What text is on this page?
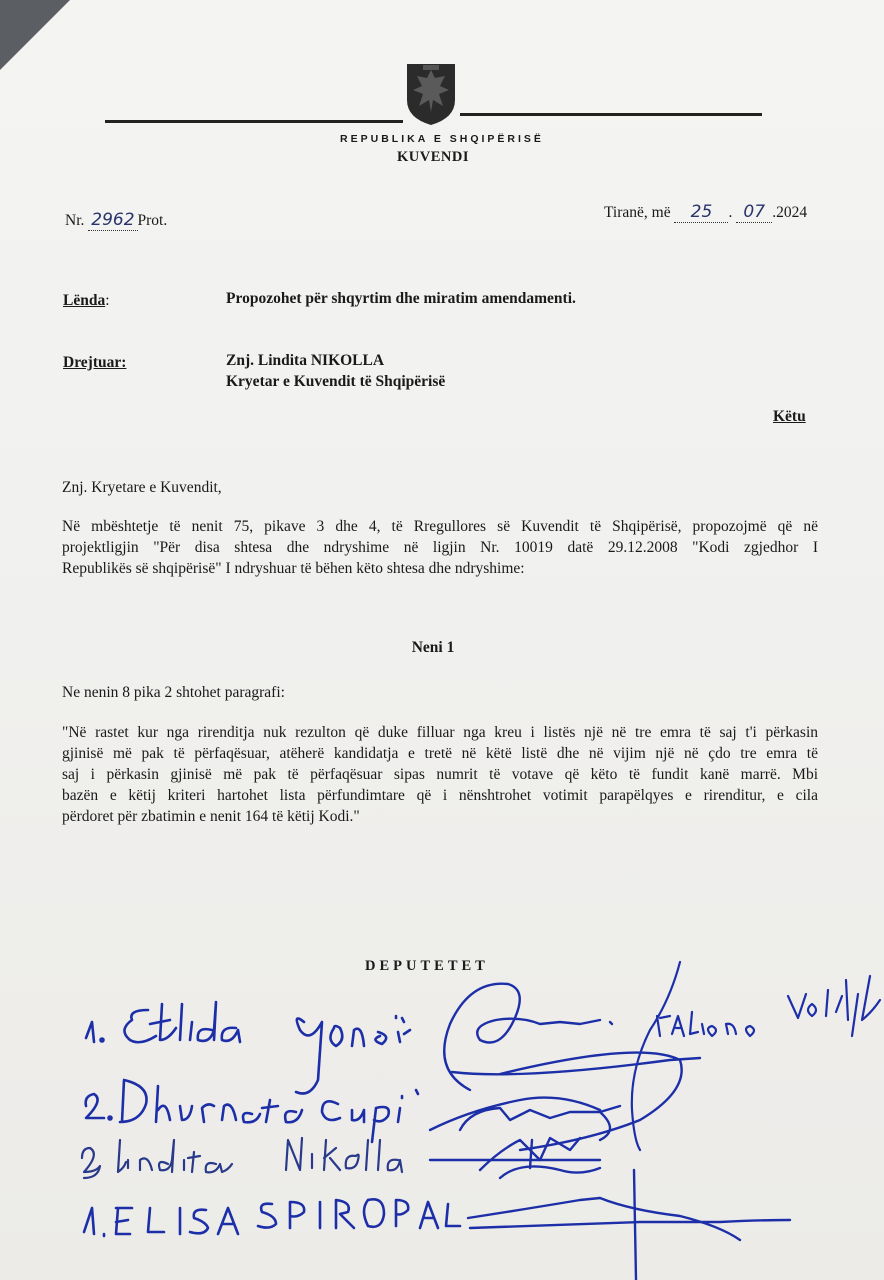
REPUBLIKA E SHQIPËRISË
KUVENDI
Nr. 2962 Prot.	Tiranë, më 25 . 07 .2024
Lënda:	Propozohet për shqyrtim dhe miratim amendamenti.
Drejtuar:	Znj. Lindita NIKOLLA
Kryetar e Kuvendit të Shqipërisë
Këtu
Znj. Kryetare e Kuvendit,
Në mbështetje të nenit 75, pikave 3 dhe 4, të Rregullores së Kuvendit të Shqipërisë, propozojmë që në
projektligjin "Për disa shtesa dhe ndryshime në ligjin Nr. 10019 datë 29.12.2008 "Kodi zgjedhor I
Republikës së shqipërisë" I ndryshuar të bëhen këto shtesa dhe ndryshime:
Neni 1
Ne nenin 8 pika 2 shtohet paragrafi:
"Në rastet kur nga rirenditja nuk rezulton që duke filluar nga kreu i listës një në tre emra të saj t'i përkasin
gjinisë më pak të përfaqësuar, atëherë kandidatja e tretë në këtë listë dhe në vijim një në çdo tre emra të
saj i përkasin gjinisë më pak të përfaqësuar sipas numrit të votave që këto të fundit kanë marrë. Mbi
bazën e këtij kriteri hartohet lista përfundimtare që i nënshtrohet votimit parapëlqyes e rirenditur, e cila
përdoret për zbatimin e nenit 164 të këtij Kodi."
DEPUTETET
